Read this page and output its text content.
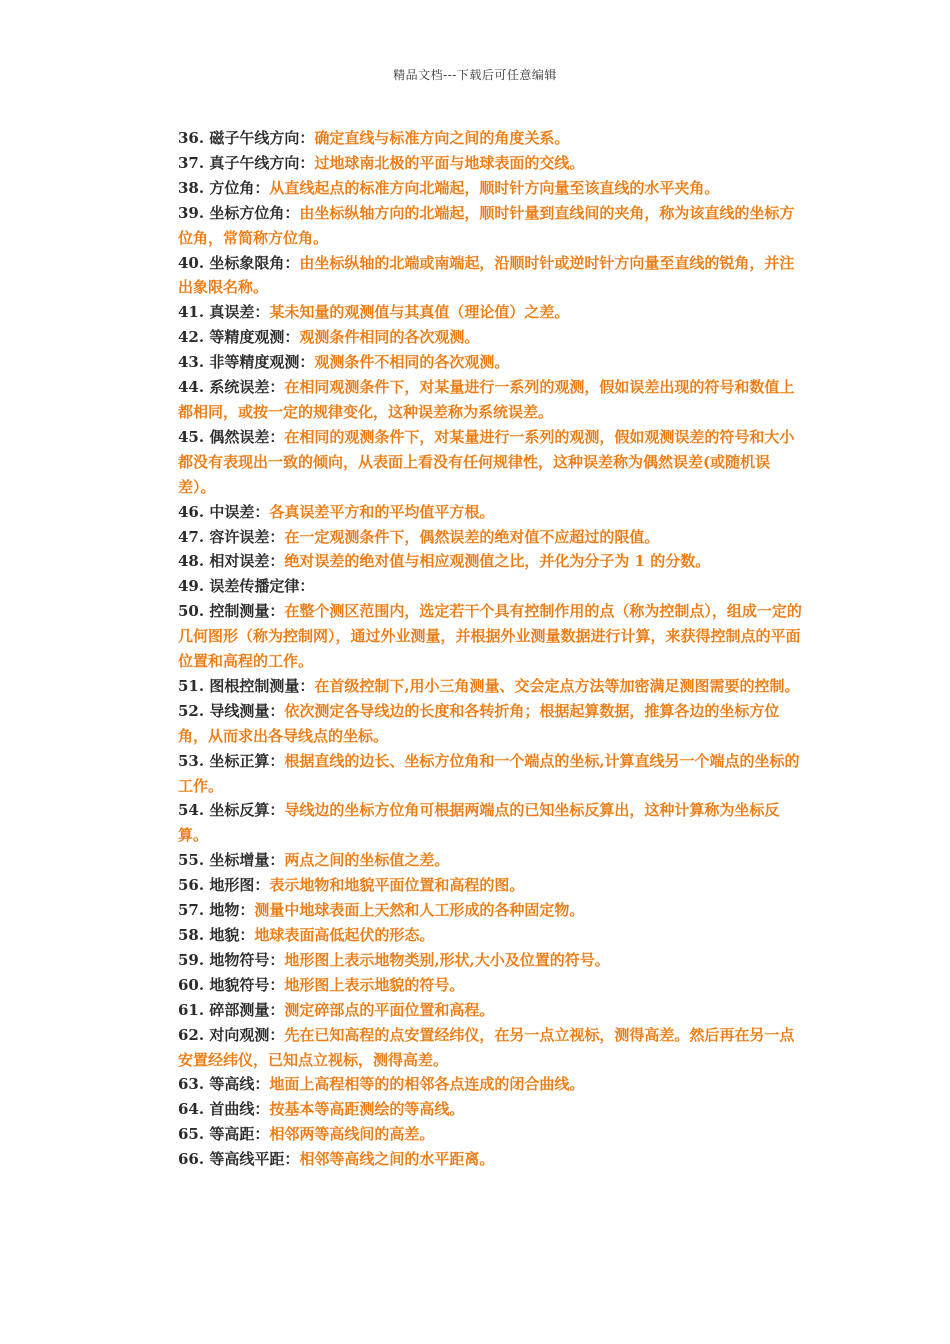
精品文档---下载后可任意编辑

36. 磁子午线方向：确定直线与标准方向之间的角度关系。

37. 真子午线方向：过地球南北极的平面与地球表面的交线。

38. 方位角：从直线起点的标准方向北端起，顺时针方向量至该直线的水平夹角。

39. 坐标方位角：由坐标纵轴方向的北端起，顺时针量到直线间的夹角，称为该直线的坐标方位角，常简称方位角。

40. 坐标象限角：由坐标纵轴的北端或南端起，沿顺时针或逆时针方向量至直线的锐角，并注出象限名称。

41. 真误差：某未知量的观测值与其真值（理论值）之差。

42. 等精度观测：观测条件相同的各次观测。

43. 非等精度观测：观测条件不相同的各次观测。

44. 系统误差：在相同观测条件下，对某量进行一系列的观测，假如误差出现的符号和数值上都相同，或按一定的规律变化，这种误差称为系统误差。

45. 偶然误差：在相同的观测条件下，对某量进行一系列的观测，假如观测误差的符号和大小都没有表现出一致的倾向，从表面上看没有任何规律性，这种误差称为偶然误差(或随机误差）。

46. 中误差：各真误差平方和的平均值平方根。

47. 容许误差：在一定观测条件下，偶然误差的绝对值不应超过的限值。

48. 相对误差：绝对误差的绝对值与相应观测值之比，并化为分子为 1 的分数。

49. 误差传播定律：

50. 控制测量：在整个测区范围内，选定若干个具有控制作用的点（称为控制点），组成一定的几何图形（称为控制网），通过外业测量，并根据外业测量数据进行计算，来获得控制点的平面位置和高程的工作。

51. 图根控制测量：在首级控制下,用小三角测量、交会定点方法等加密满足测图需要的控制。

52. 导线测量：依次测定各导线边的长度和各转折角；根据起算数据，推算各边的坐标方位角，从而求出各导线点的坐标。

53. 坐标正算：根据直线的边长、坐标方位角和一个端点的坐标,计算直线另一个端点的坐标的工作。

54. 坐标反算：导线边的坐标方位角可根据两端点的已知坐标反算出，这种计算称为坐标反算。

55. 坐标增量：两点之间的坐标值之差。

56. 地形图：表示地物和地貌平面位置和高程的图。

57. 地物：测量中地球表面上天然和人工形成的各种固定物。

58. 地貌：地球表面高低起伏的形态。

59. 地物符号：地形图上表示地物类别,形状,大小及位置的符号。

60. 地貌符号：地形图上表示地貌的符号。

61. 碎部测量：测定碎部点的平面位置和高程。

62. 对向观测：先在已知高程的点安置经纬仪，在另一点立视标，测得高差。然后再在另一点安置经纬仪，已知点立视标，测得高差。

63. 等高线：地面上高程相等的的相邻各点连成的闭合曲线。

64. 首曲线：按基本等高距测绘的等高线。

65. 等高距：相邻两等高线间的高差。

66. 等高线平距：相邻等高线之间的水平距离。
